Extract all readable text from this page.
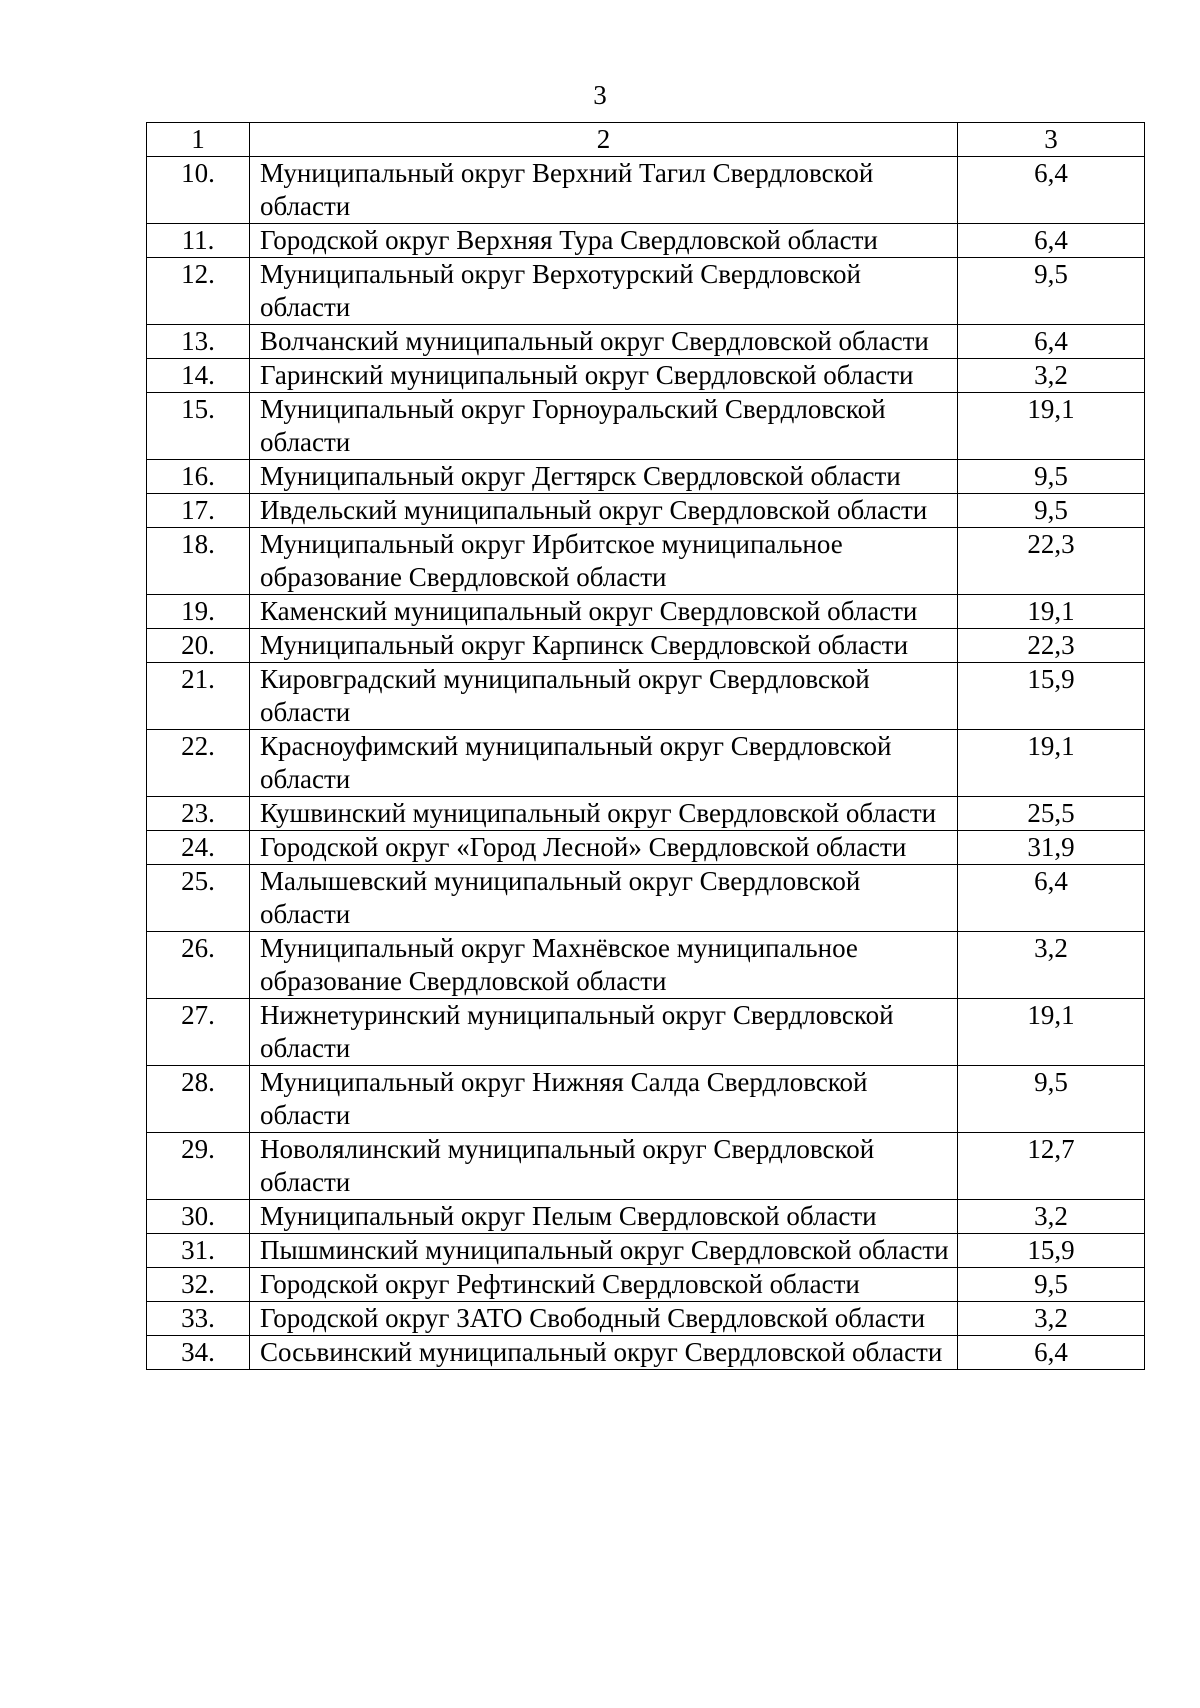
3
1	2	3
10.	Муниципальный округ Верхний Тагил Свердловской области	6,4
11.	Городской округ Верхняя Тура Свердловской области	6,4
12.	Муниципальный округ Верхотурский Свердловской области	9,5
13.	Волчанский муниципальный округ Свердловской области	6,4
14.	Гаринский муниципальный округ Свердловской области	3,2
15.	Муниципальный округ Горноуральский Свердловской области	19,1
16.	Муниципальный округ Дегтярск Свердловской области	9,5
17.	Ивдельский муниципальный округ Свердловской области	9,5
18.	Муниципальный округ Ирбитское муниципальное образование Свердловской области	22,3
19.	Каменский муниципальный округ Свердловской области	19,1
20.	Муниципальный округ Карпинск Свердловской области	22,3
21.	Кировградский муниципальный округ Свердловской области	15,9
22.	Красноуфимский муниципальный округ Свердловской области	19,1
23.	Кушвинский муниципальный округ Свердловской области	25,5
24.	Городской округ «Город Лесной» Свердловской области	31,9
25.	Малышевский муниципальный округ Свердловской области	6,4
26.	Муниципальный округ Махнёвское муниципальное образование Свердловской области	3,2
27.	Нижнетуринский муниципальный округ Свердловской области	19,1
28.	Муниципальный округ Нижняя Салда Свердловской области	9,5
29.	Новолялинский муниципальный округ Свердловской области	12,7
30.	Муниципальный округ Пелым Свердловской области	3,2
31.	Пышминский муниципальный округ Свердловской области	15,9
32.	Городской округ Рефтинский Свердловской области	9,5
33.	Городской округ ЗАТО Свободный Свердловской области	3,2
34.	Сосьвинский муниципальный округ Свердловской области	6,4
